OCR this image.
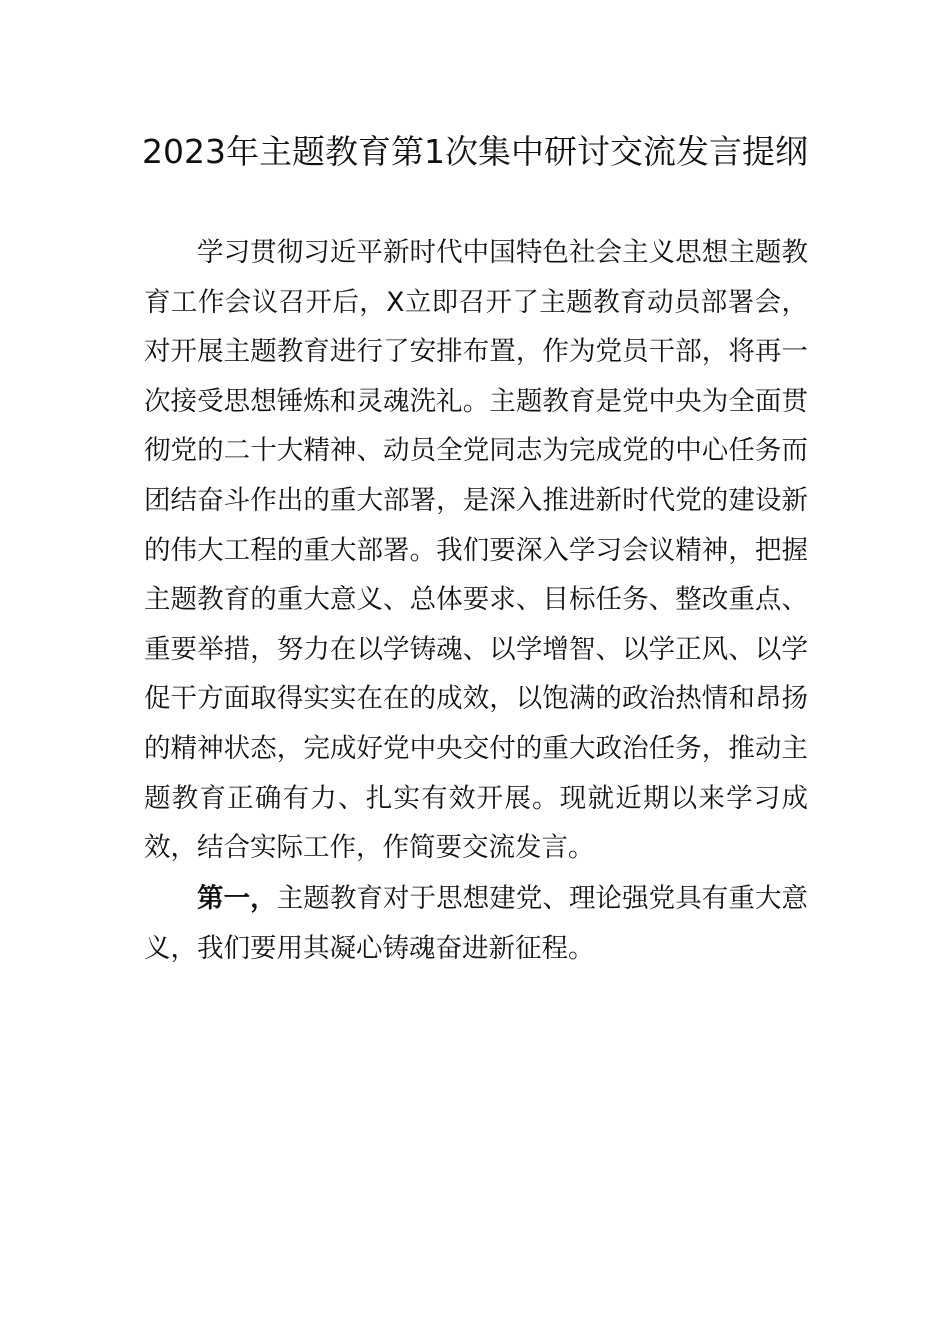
2023年主题教育第1次集中研讨交流发言提纲

学习贯彻习近平新时代中国特色社会主义思想主题教育工作会议召开后，X立即召开了主题教育动员部署会，对开展主题教育进行了安排布置，作为党员干部，将再一次接受思想锤炼和灵魂洗礼。主题教育是党中央为全面贯彻党的二十大精神、动员全党同志为完成党的中心任务而团结奋斗作出的重大部署，是深入推进新时代党的建设新的伟大工程的重大部署。我们要深入学习会议精神，把握主题教育的重大意义、总体要求、目标任务、整改重点、重要举措，努力在以学铸魂、以学增智、以学正风、以学促干方面取得实实在在的成效，以饱满的政治热情和昂扬的精神状态，完成好党中央交付的重大政治任务，推动主题教育正确有力、扎实有效开展。现就近期以来学习成效，结合实际工作，作简要交流发言。

第一，主题教育对于思想建党、理论强党具有重大意义，我们要用其凝心铸魂奋进新征程。
